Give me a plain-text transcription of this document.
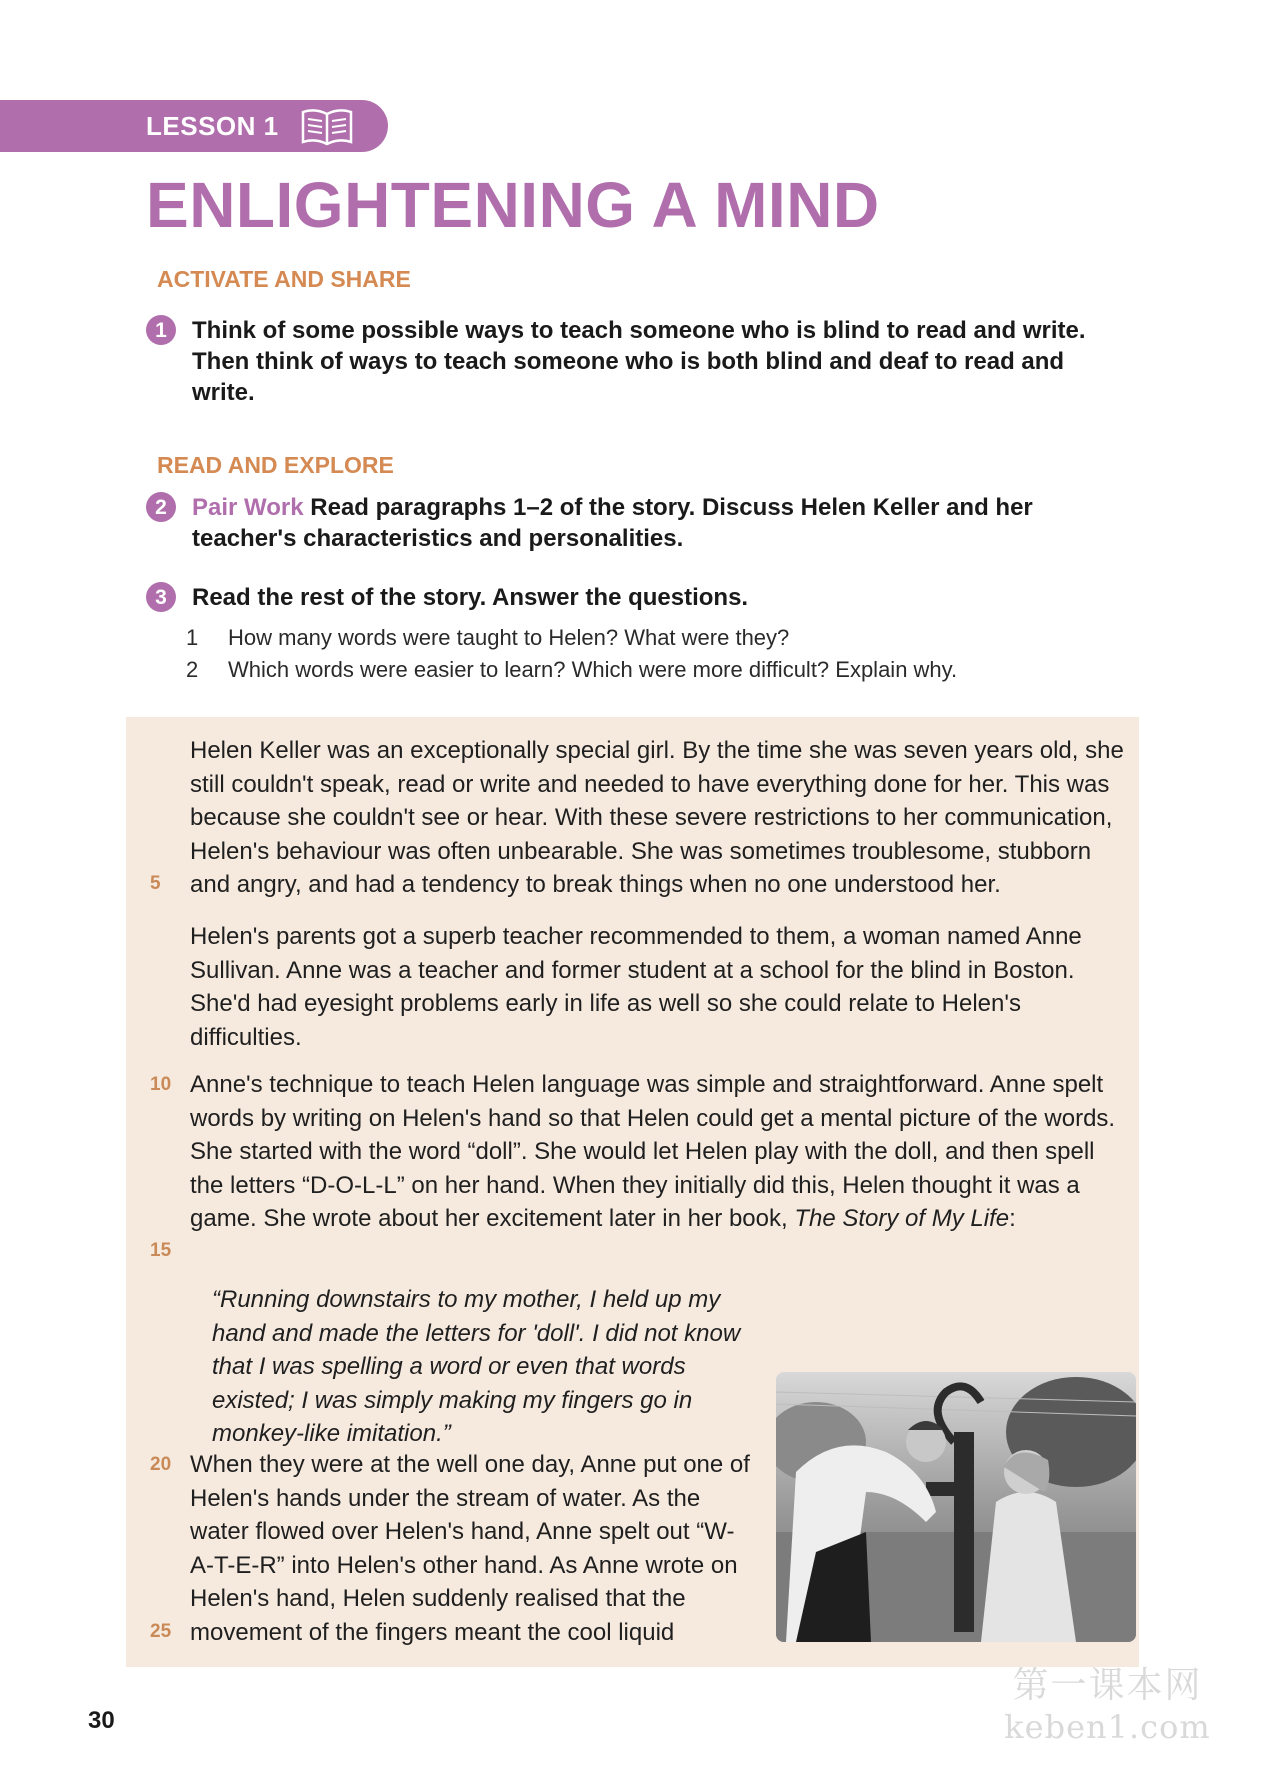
LESSON 1
ENLIGHTENING A MIND
ACTIVATE AND SHARE
1	Think of some possible ways to teach someone who is blind to read and write. Then think of ways to teach someone who is both blind and deaf to read and write.
READ AND EXPLORE
2	Pair Work Read paragraphs 1–2 of the story. Discuss Helen Keller and her teacher's characteristics and personalities.
3	Read the rest of the story. Answer the questions.
1	How many words were taught to Helen? What were they?
2	Which words were easier to learn? Which were more difficult? Explain why.

Helen Keller was an exceptionally special girl. By the time she was seven years old, she still couldn't speak, read or write and needed to have everything done for her. This was because she couldn't see or hear. With these severe restrictions to her communication, Helen's behaviour was often unbearable. She was sometimes troublesome, stubborn and angry, and had a tendency to break things when no one understood her.

5

Helen's parents got a superb teacher recommended to them, a woman named Anne Sullivan. Anne was a teacher and former student at a school for the blind in Boston. She'd had eyesight problems early in life as well so she could relate to Helen's difficulties.

10 Anne's technique to teach Helen language was simple and straightforward. Anne spelt words by writing on Helen's hand so that Helen could get a mental picture of the words. She started with the word “doll”. She would let Helen play with the doll, and then spell the letters “D-O-L-L” on her hand. When they initially did this, Helen thought it was a game. She wrote about her excitement later in her book, The Story of My Life:

15

“Running downstairs to my mother, I held up my hand and made the letters for 'doll'. I did not know that I was spelling a word or even that words existed; I was simply making my fingers go in monkey-like imitation.”

20 When they were at the well one day, Anne put one of Helen's hands under the stream of water. As the water flowed over Helen's hand, Anne spelt out “W-A-T-E-R” into Helen's other hand. As Anne wrote on Helen's hand, Helen suddenly realised that the movement of the fingers meant the cool liquid

25
30
第一课本网
keben1.com
